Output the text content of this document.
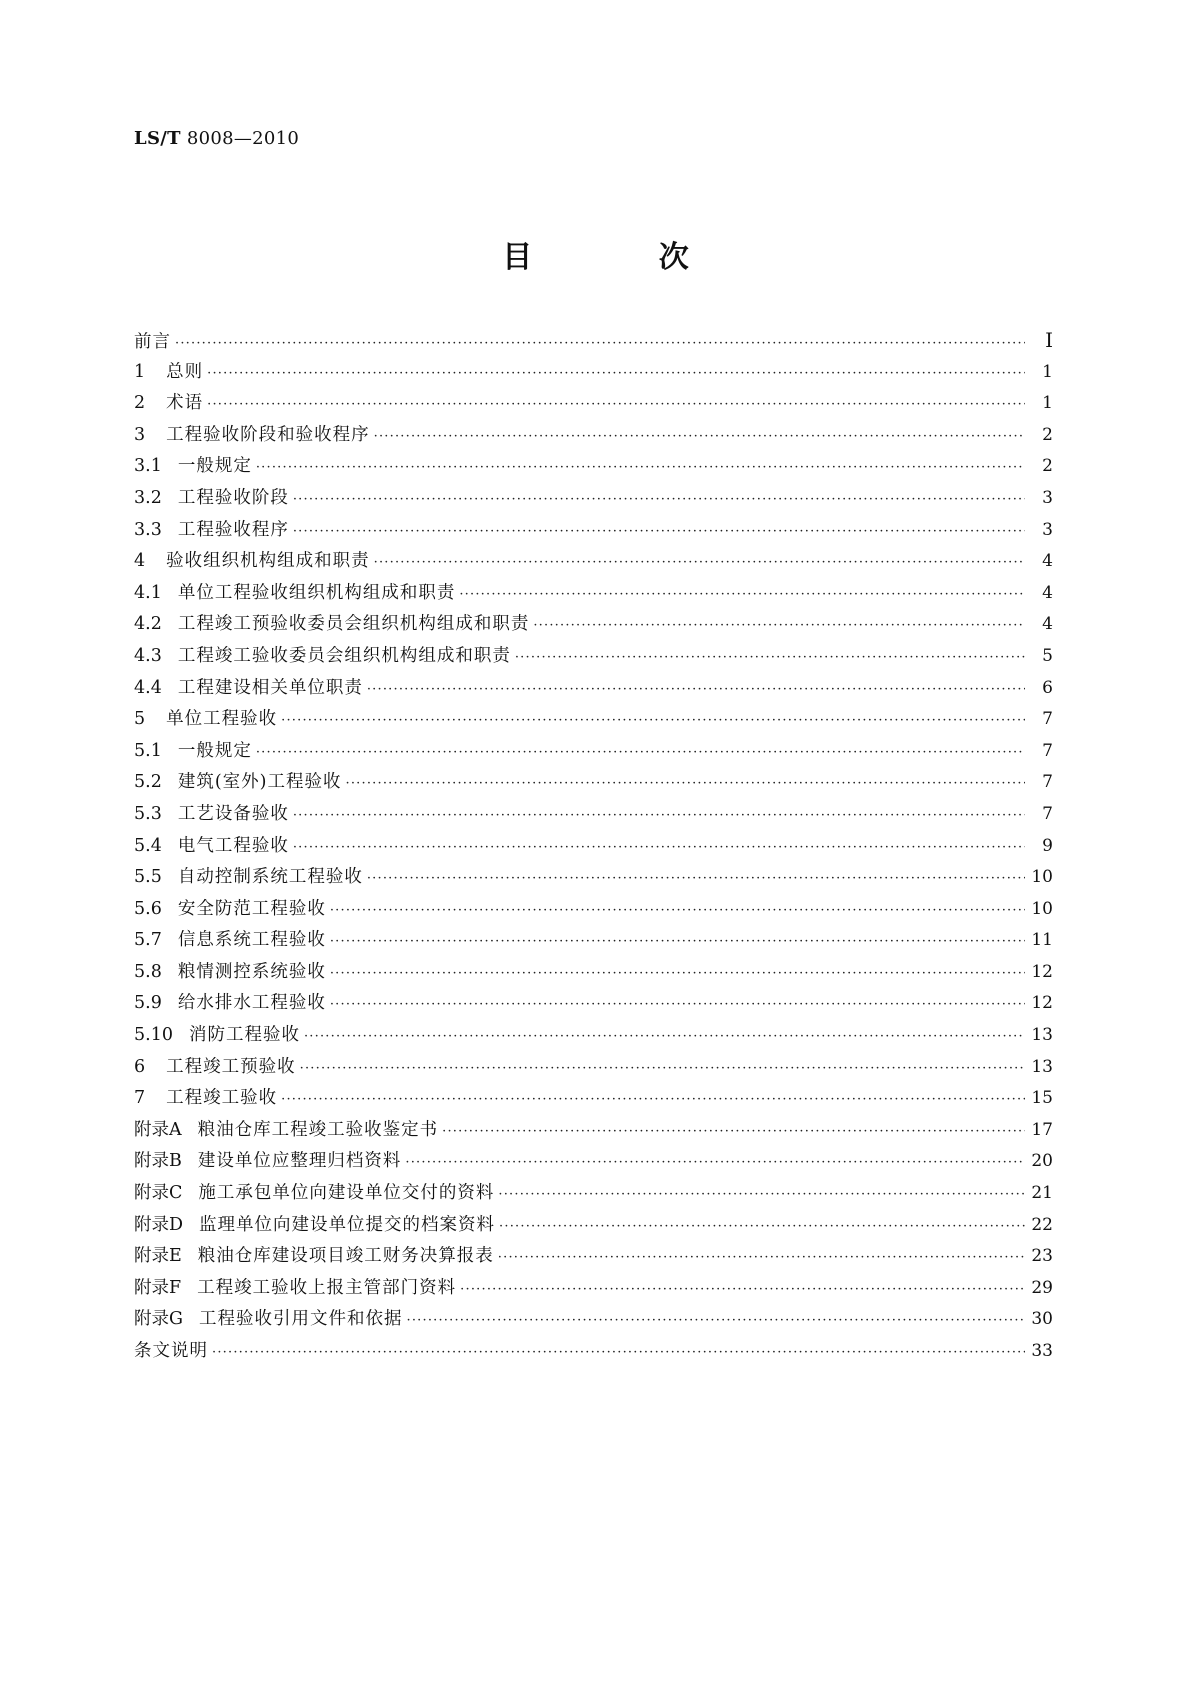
LS/T 8008—2010
目 次
前言 ·····	Ⅰ
1 总则 ·····	1
2 术语 ·····	1
3 工程验收阶段和验收程序 ·····	2
3.1 一般规定 ·····	2
3.2 工程验收阶段 ·····	3
3.3 工程验收程序 ·····	3
4 验收组织机构组成和职责 ·····	4
4.1 单位工程验收组织机构组成和职责 ·····	4
4.2 工程竣工预验收委员会组织机构组成和职责 ·····	4
4.3 工程竣工验收委员会组织机构组成和职责 ·····	5
4.4 工程建设相关单位职责 ·····	6
5 单位工程验收 ·····	7
5.1 一般规定 ·····	7
5.2 建筑(室外)工程验收 ·····	7
5.3 工艺设备验收 ·····	7
5.4 电气工程验收 ·····	9
5.5 自动控制系统工程验收 ·····	10
5.6 安全防范工程验收 ·····	10
5.7 信息系统工程验收 ·····	11
5.8 粮情测控系统验收 ·····	12
5.9 给水排水工程验收 ·····	12
5.10 消防工程验收 ·····	13
6 工程竣工预验收 ·····	13
7 工程竣工验收 ·····	15
附录A 粮油仓库工程竣工验收鉴定书 ·····	17
附录B 建设单位应整理归档资料 ·····	20
附录C 施工承包单位向建设单位交付的资料 ·····	21
附录D 监理单位向建设单位提交的档案资料 ·····	22
附录E 粮油仓库建设项目竣工财务决算报表 ·····	23
附录F 工程竣工验收上报主管部门资料 ·····	29
附录G 工程验收引用文件和依据 ·····	30
条文说明 ·····	33
